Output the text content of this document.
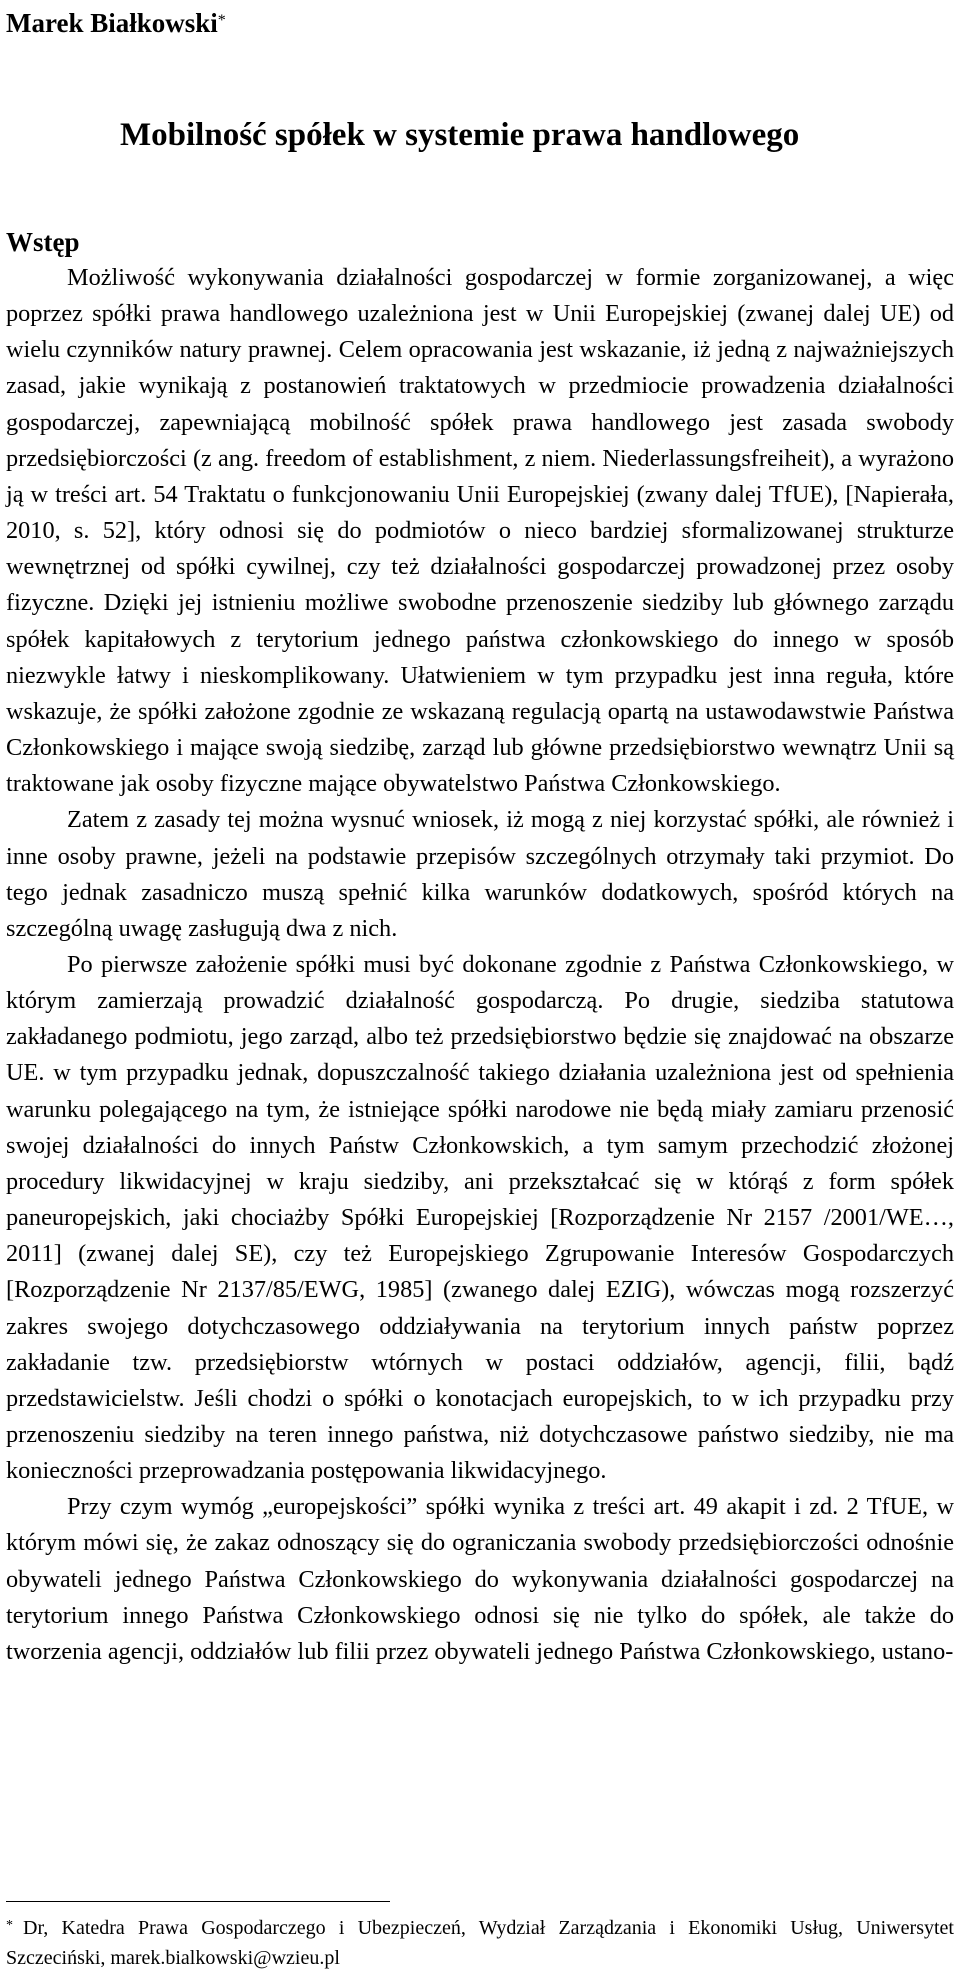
Marek Białkowski*
Mobilność spółek w systemie prawa handlowego
Wstęp

Możliwość wykonywania działalności gospodarczej w formie zorganizowanej, a więc poprzez spółki prawa handlowego uzależniona jest w Unii Europejskiej (zwanej dalej UE) od wielu czynników natury prawnej. Celem opracowania jest wskazanie, iż jedną z najważniejszych zasad, jakie wynikają z postanowień traktatowych w przedmiocie prowadzenia działalności gospodarczej, zapewniającą mobilność spółek prawa handlowego jest zasada swobody przedsiębiorczości (z ang. freedom of establishment, z niem. Niederlassungsfreiheit), a wyrażono ją w treści art. 54 Traktatu o funkcjonowaniu Unii Europejskiej (zwany dalej TfUE), [Napierała, 2010, s. 52], który odnosi się do podmiotów o nieco bardziej sformalizowanej strukturze wewnętrznej od spółki cywilnej, czy też działalności gospodarczej prowadzonej przez osoby fizyczne. Dzięki jej istnieniu możliwe swobodne przenoszenie siedziby lub głównego zarządu spółek kapitałowych z terytorium jednego państwa członkowskiego do innego w sposób niezwykle łatwy i nieskomplikowany. Ułatwieniem w tym przypadku jest inna reguła, które wskazuje, że spółki założone zgodnie ze wskazaną regulacją opartą na ustawodawstwie Państwa Członkowskiego i mające swoją siedzibę, zarząd lub główne przedsiębiorstwo wewnątrz Unii są traktowane jak osoby fizyczne mające obywatelstwo Państwa Członkowskiego.

Zatem z zasady tej można wysnuć wniosek, iż mogą z niej korzystać spółki, ale również i inne osoby prawne, jeżeli na podstawie przepisów szczególnych otrzymały taki przymiot. Do tego jednak zasadniczo muszą spełnić kilka warunków dodatkowych, spośród których na szczególną uwagę zasługują dwa z nich.

Po pierwsze założenie spółki musi być dokonane zgodnie z Państwa Członkowskiego, w którym zamierzają prowadzić działalność gospodarczą. Po drugie, siedziba statutowa zakładanego podmiotu, jego zarząd, albo też przedsiębiorstwo będzie się znajdować na obszarze UE. w tym przypadku jednak, dopuszczalność takiego działania uzależniona jest od spełnienia warunku polegającego na tym, że istniejące spółki narodowe nie będą miały zamiaru przenosić swojej działalności do innych Państw Członkowskich, a tym samym przechodzić złożonej procedury likwidacyjnej w kraju siedziby, ani przekształcać się w którąś z form spółek paneuropejskich, jaki chociażby Spółki Europejskiej [Rozporządzenie Nr 2157 /2001/WE…, 2011] (zwanej dalej SE), czy też Europejskiego Zgrupowanie Interesów Gospodarczych [Rozporządzenie Nr 2137/85/EWG, 1985] (zwanego dalej EZIG), wówczas mogą rozszerzyć zakres swojego dotychczasowego oddziaływania na terytorium innych państw poprzez zakładanie tzw. przedsiębiorstw wtórnych w postaci oddziałów, agencji, filii, bądź przedstawicielstw. Jeśli chodzi o spółki o konotacjach europejskich, to w ich przypadku przy przenoszeniu siedziby na teren innego państwa, niż dotychczasowe państwo siedziby, nie ma konieczności przeprowadzania postępowania likwidacyjnego.

Przy czym wymóg „europejskości” spółki wynika z treści art. 49 akapit i zd. 2 TfUE, w którym mówi się, że zakaz odnoszący się do ograniczania swobody przedsiębiorczości odnośnie obywateli jednego Państwa Członkowskiego do wykonywania działalności gospodarczej na terytorium innego Państwa Członkowskiego odnosi się nie tylko do spółek, ale także do tworzenia agencji, oddziałów lub filii przez obywateli jednego Państwa Członkowskiego, ustano-

* Dr, Katedra Prawa Gospodarczego i Ubezpieczeń, Wydział Zarządzania i Ekonomiki Usług, Uniwersytet Szczeciński, marek.bialkowski@wzieu.pl
